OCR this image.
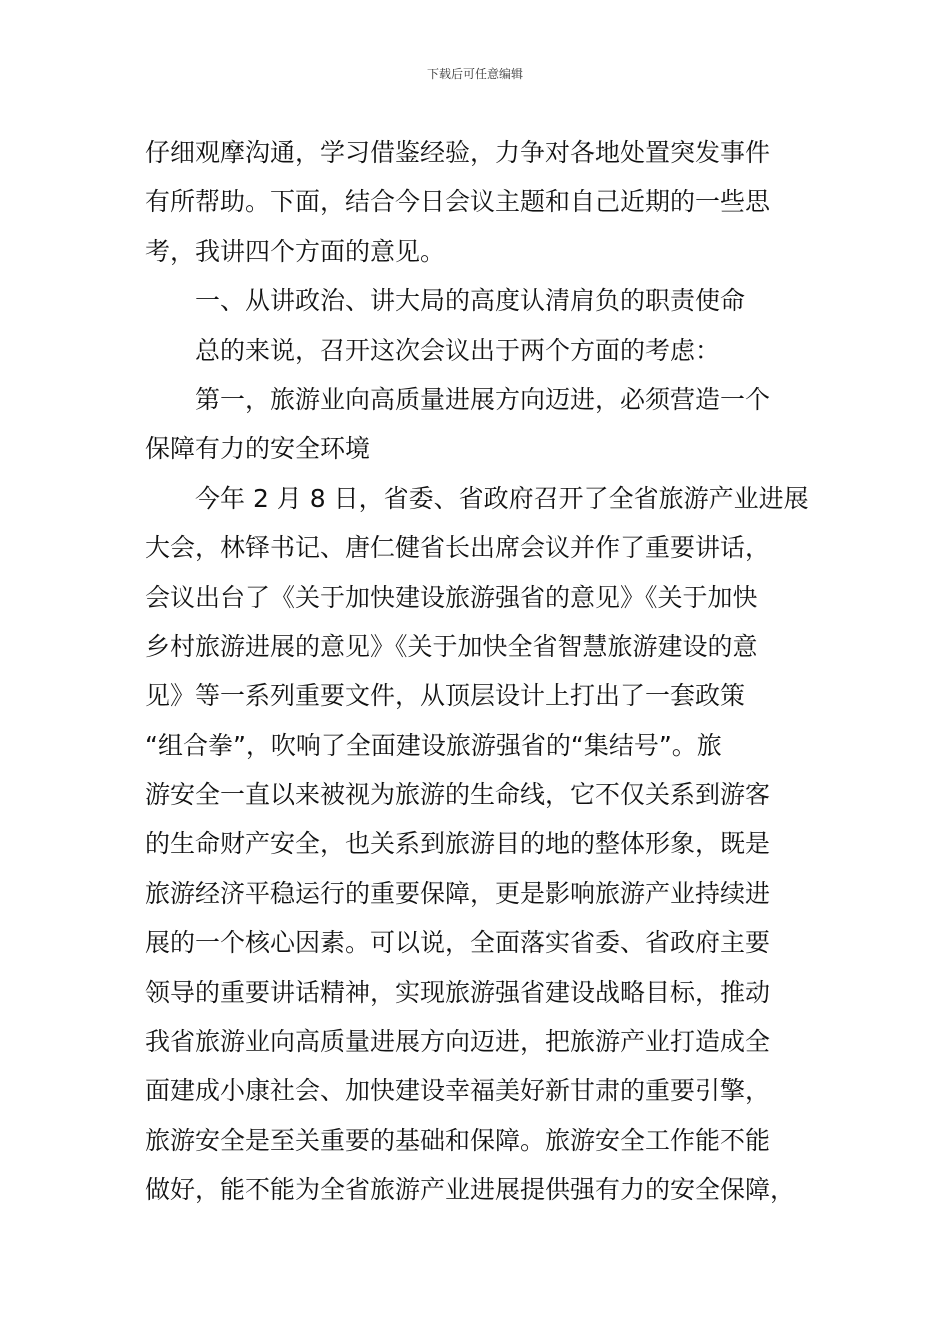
下载后可任意编辑
仔细观摩沟通，学习借鉴经验，力争对各地处置突发事件
有所帮助。下面，结合今日会议主题和自己近期的一些思
考，我讲四个方面的意见。
一、从讲政治、讲大局的高度认清肩负的职责使命
总的来说，召开这次会议出于两个方面的考虑：
第一，旅游业向高质量进展方向迈进，必须营造一个
保障有力的安全环境
今年 2 月 8 日，省委、省政府召开了全省旅游产业进展
大会，林铎书记、唐仁健省长出席会议并作了重要讲话，
会议出台了《关于加快建设旅游强省的意见》《关于加快
乡村旅游进展的意见》《关于加快全省智慧旅游建设的意
见》等一系列重要文件，从顶层设计上打出了一套政策
“组合拳”，吹响了全面建设旅游强省的“集结号”。旅
游安全一直以来被视为旅游的生命线，它不仅关系到游客
的生命财产安全，也关系到旅游目的地的整体形象，既是
旅游经济平稳运行的重要保障，更是影响旅游产业持续进
展的一个核心因素。可以说，全面落实省委、省政府主要
领导的重要讲话精神，实现旅游强省建设战略目标，推动
我省旅游业向高质量进展方向迈进，把旅游产业打造成全
面建成小康社会、加快建设幸福美好新甘肃的重要引擎，
旅游安全是至关重要的基础和保障。旅游安全工作能不能
做好，能不能为全省旅游产业进展提供强有力的安全保障，
